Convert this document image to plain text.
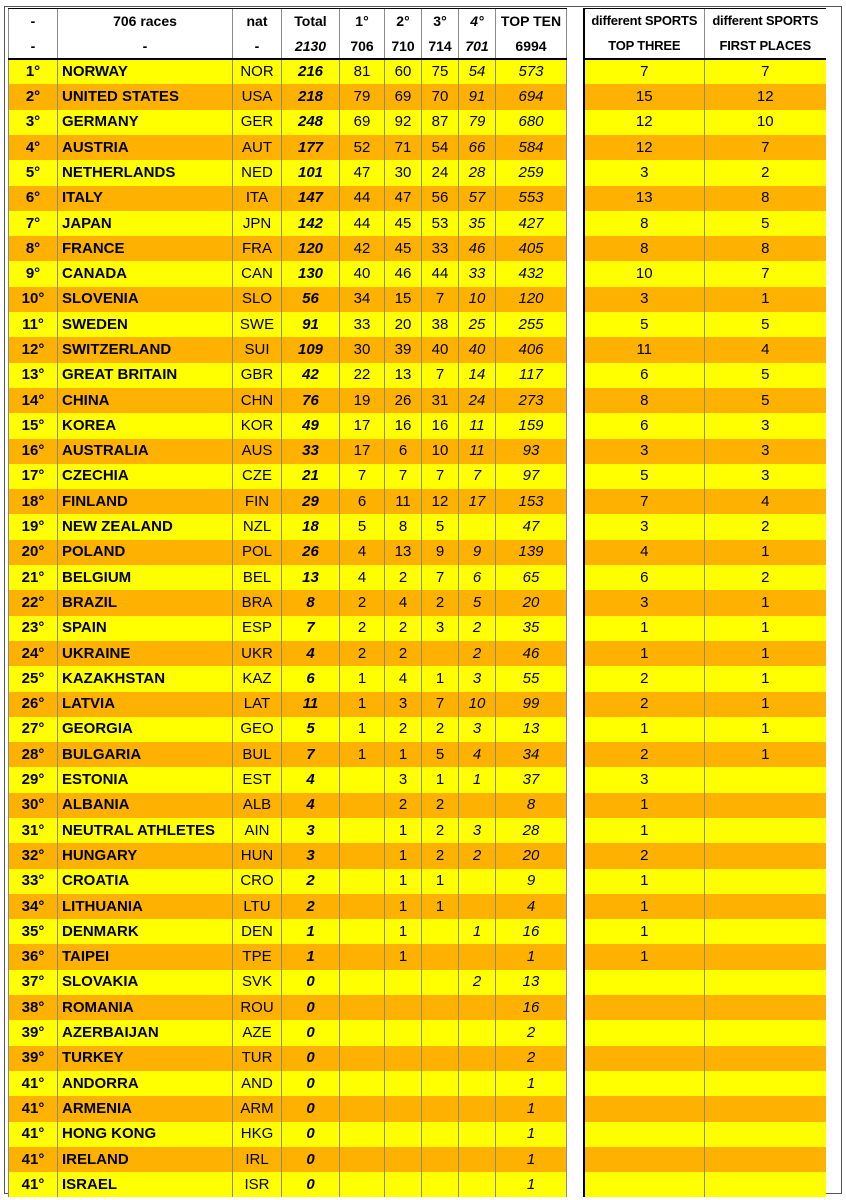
-	706 races	nat	Total	1°	2°	3°	4°	TOP TEN		different SPORTS	different SPORTS
-	-	-	2130	706	710	714	701	6994		TOP THREE	FIRST PLACES
1°	NORWAY	NOR	216	81	60	75	54	573		7	7
2°	UNITED STATES	USA	218	79	69	70	91	694		15	12
3°	GERMANY	GER	248	69	92	87	79	680		12	10
4°	AUSTRIA	AUT	177	52	71	54	66	584		12	7
5°	NETHERLANDS	NED	101	47	30	24	28	259		3	2
6°	ITALY	ITA	147	44	47	56	57	553		13	8
7°	JAPAN	JPN	142	44	45	53	35	427		8	5
8°	FRANCE	FRA	120	42	45	33	46	405		8	8
9°	CANADA	CAN	130	40	46	44	33	432		10	7
10°	SLOVENIA	SLO	56	34	15	7	10	120		3	1
11°	SWEDEN	SWE	91	33	20	38	25	255		5	5
12°	SWITZERLAND	SUI	109	30	39	40	40	406		11	4
13°	GREAT BRITAIN	GBR	42	22	13	7	14	117		6	5
14°	CHINA	CHN	76	19	26	31	24	273		8	5
15°	KOREA	KOR	49	17	16	16	11	159		6	3
16°	AUSTRALIA	AUS	33	17	6	10	11	93		3	3
17°	CZECHIA	CZE	21	7	7	7	7	97		5	3
18°	FINLAND	FIN	29	6	11	12	17	153		7	4
19°	NEW ZEALAND	NZL	18	5	8	5		47		3	2
20°	POLAND	POL	26	4	13	9	9	139		4	1
21°	BELGIUM	BEL	13	4	2	7	6	65		6	2
22°	BRAZIL	BRA	8	2	4	2	5	20		3	1
23°	SPAIN	ESP	7	2	2	3	2	35		1	1
24°	UKRAINE	UKR	4	2	2		2	46		1	1
25°	KAZAKHSTAN	KAZ	6	1	4	1	3	55		2	1
26°	LATVIA	LAT	11	1	3	7	10	99		2	1
27°	GEORGIA	GEO	5	1	2	2	3	13		1	1
28°	BULGARIA	BUL	7	1	1	5	4	34		2	1
29°	ESTONIA	EST	4		3	1	1	37		3	
30°	ALBANIA	ALB	4		2	2		8		1	
31°	NEUTRAL ATHLETES	AIN	3		1	2	3	28		1	
32°	HUNGARY	HUN	3		1	2	2	20		2	
33°	CROATIA	CRO	2		1	1		9		1	
34°	LITHUANIA	LTU	2		1	1		4		1	
35°	DENMARK	DEN	1		1		1	16		1	
36°	TAIPEI	TPE	1		1			1		1	
37°	SLOVAKIA	SVK	0				2	13			
38°	ROMANIA	ROU	0					16			
39°	AZERBAIJAN	AZE	0					2			
39°	TURKEY	TUR	0					2			
41°	ANDORRA	AND	0					1			
41°	ARMENIA	ARM	0					1			
41°	HONG KONG	HKG	0					1			
41°	IRELAND	IRL	0					1			
41°	ISRAEL	ISR	0					1			
